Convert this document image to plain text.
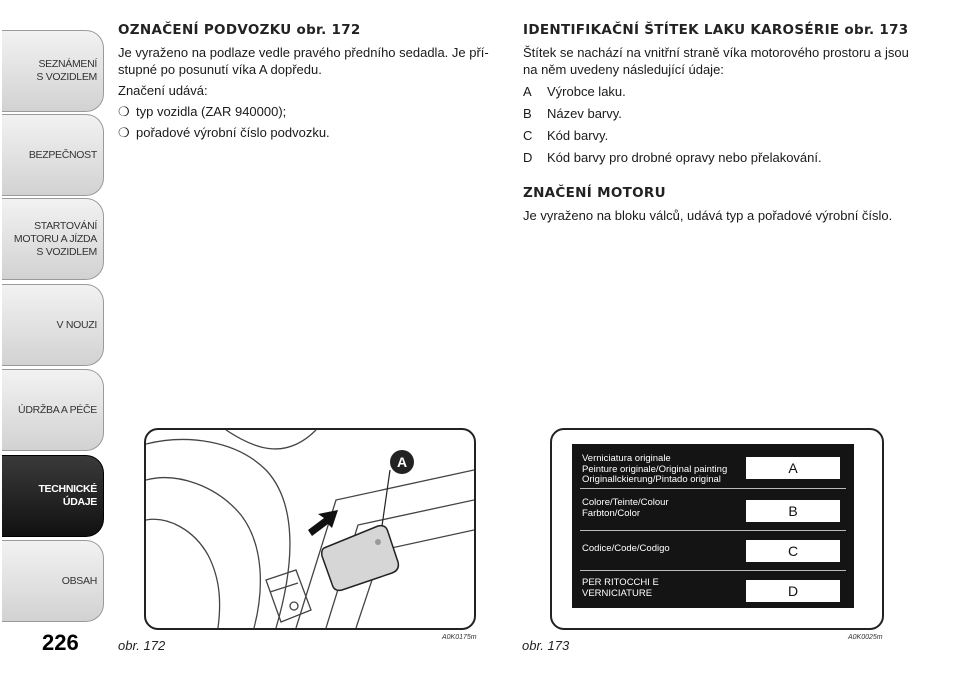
SEZNÁMENÍ
S VOZIDLEM
BEZPEČNOST
STARTOVÁNÍ
MOTORU A JÍZDA
S VOZIDLEM
V NOUZI
ÚDRŽBA A PÉČE
TECHNICKÉ
ÚDAJE
OBSAH
226
OZNAČENÍ PODVOZKU obr. 172

Je vyraženo na podlaze vedle pravého předního sedadla. Je pří-stupné po posunutí víka A dopředu.

Značení udává:

❍ typ vozidla (ZAR 940000);
❍ pořadové výrobní číslo podvozku.
IDENTIFIKAČNÍ ŠTÍTEK LAKU KAROSÉRIE obr. 173

Štítek se nachází na vnitřní straně víka motorového prostoru a jsou na něm uvedeny následující údaje:

A	Výrobce laku.
B	Název barvy.
C	Kód barvy.
D	Kód barvy pro drobné opravy nebo přelakování.
ZNAČENÍ MOTORU

Je vyraženo na bloku válců, udává typ a pořadové výrobní číslo.

A
obr. 172
A0K0175m
Verniciatura originale
Peinture originale/Original painting
Originallckierung/Pintado original
A
Colore/Teinte/Colour
Farbton/Color	B
Codice/Code/Codigo	C
PER RITOCCHI E
VERNICIATURE	D
obr. 173
A0K0025m
